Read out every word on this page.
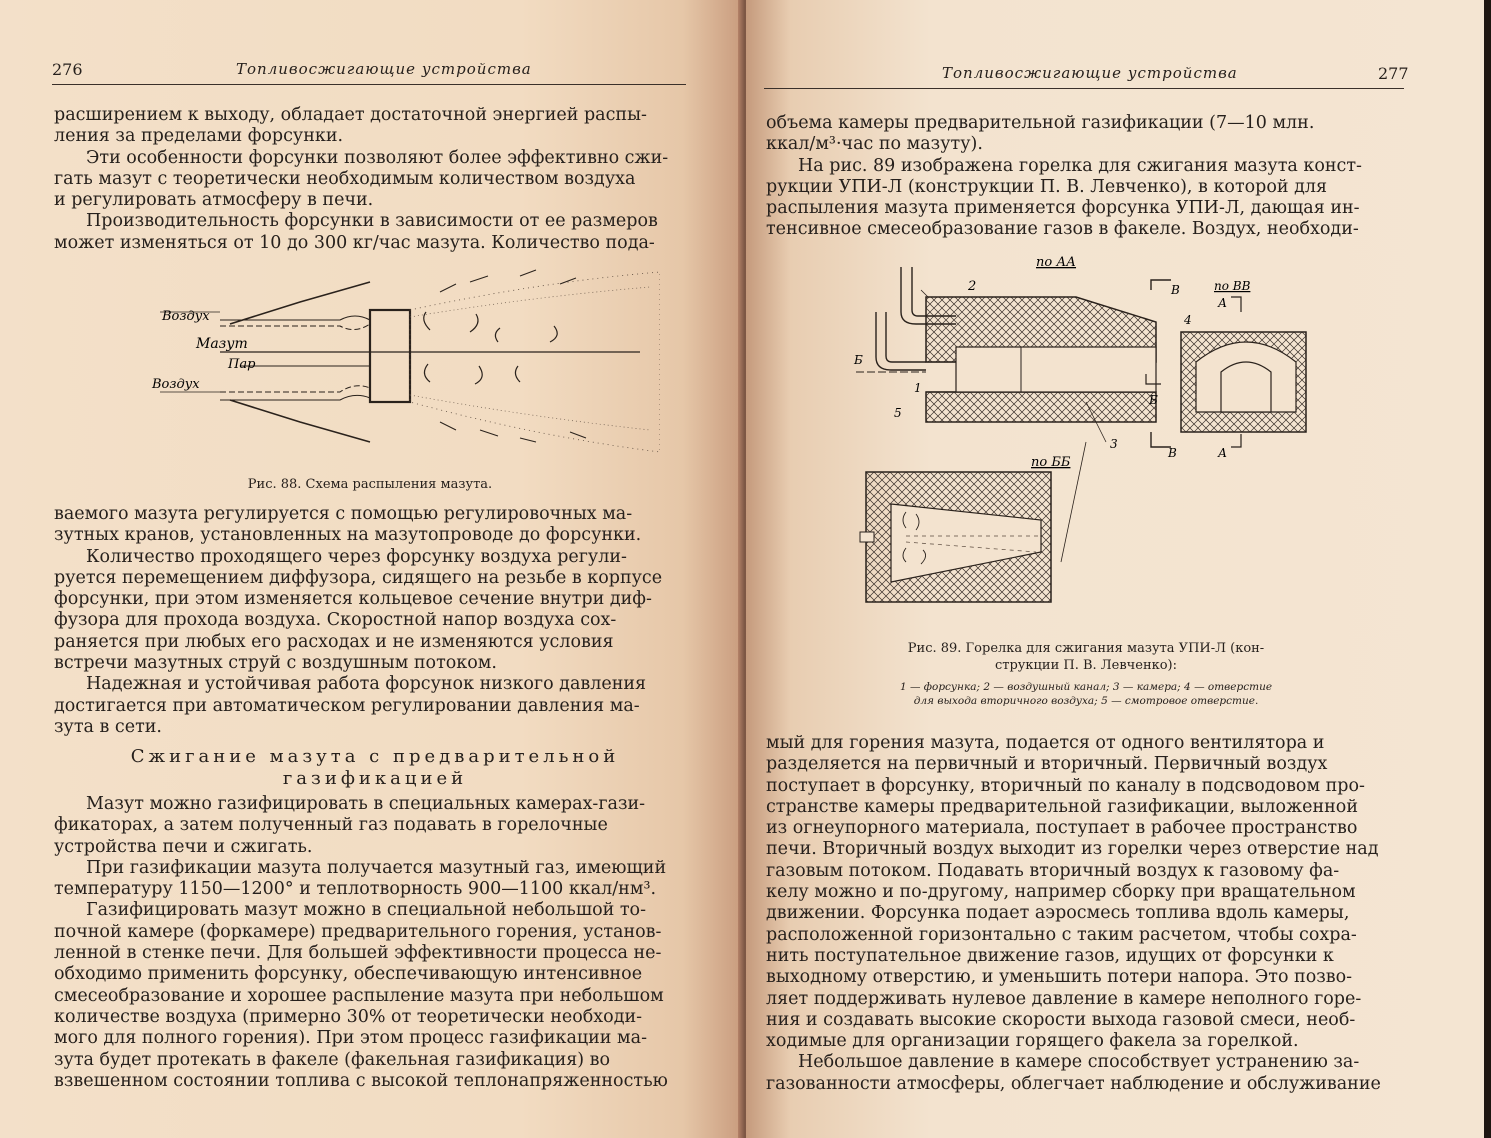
276	Топливосжигающие устройства

расширением к выходу, обладает достаточной энергией распы-

ления за пределами форсунки.

Эти особенности форсунки позволяют более эффективно сжи-

гать мазут с теоретически необходимым количеством воздуха

и регулировать атмосферу в печи.

Производительность форсунки в зависимости от ее размеров

может изменяться от 10 до 300 кг/час мазута. Количество пода-

Воздух
Мазут
Пар
Воздух
Рис. 88. Схема распыления мазута.

ваемого мазута регулируется с помощью регулировочных ма-

зутных кранов, установленных на мазутопроводе до форсунки.

Количество проходящего через форсунку воздуха регули-

руется перемещением диффузора, сидящего на резьбе в корпусе

форсунки, при этом изменяется кольцевое сечение внутри диф-

фузора для прохода воздуха. Скоростной напор воздуха сох-

раняется при любых его расходах и не изменяются условия

встречи мазутных струй с воздушным потоком.

Надежная и устойчивая работа форсунок низкого давления

достигается при автоматическом регулировании давления ма-

зута в сети.

Сжигание мазута с предварительной
газификацией

Мазут можно газифицировать в специальных камерах-гази-

фикаторах, а затем полученный газ подавать в горелочные

устройства печи и сжигать.

При газификации мазута получается мазутный газ, имеющий

температуру 1150—1200° и теплотворность 900—1100 ккал/нм³.

Газифицировать мазут можно в специальной небольшой то-

почной камере (форкамере) предварительного горения, установ-

ленной в стенке печи. Для большей эффективности процесса не-

обходимо применить форсунку, обеспечивающую интенсивное

смесеобразование и хорошее распыление мазута при небольшом

количестве воздуха (примерно 30% от теоретически необходи-

мого для полного горения). При этом процесс газификации ма-

зута будет протекать в факеле (факельная газификация) во

взвешенном состоянии топлива с высокой теплонапряженностью

Топливосжигающие устройства	277

объема камеры предварительной газификации (7—10 млн.

ккал/м³·час по мазуту).

На рис. 89 изображена горелка для сжигания мазута конст-

рукции УПИ-Л (конструкции П. В. Левченко), в которой для

распыления мазута применяется форсунка УПИ-Л, дающая ин-

тенсивное смесеобразование газов в факеле. Воздух, необходи-

по АА
по ВВ
по ББ
2
1
5
3
4
Б
Б
В
В
А
А
Рис. 89. Горелка для сжигания мазута УПИ-Л (кон-
струкции П. В. Левченко):
1 — форсунка; 2 — воздушный канал; 3 — камера; 4 — отверстие
для выхода вторичного воздуха; 5 — смотровое отверстие.

мый для горения мазута, подается от одного вентилятора и

разделяется на первичный и вторичный. Первичный воздух

поступает в форсунку, вторичный по каналу в подсводовом про-

странстве камеры предварительной газификации, выложенной

из огнеупорного материала, поступает в рабочее пространство

печи. Вторичный воздух выходит из горелки через отверстие над

газовым потоком. Подавать вторичный воздух к газовому фа-

келу можно и по-другому, например сборку при вращательном

движении. Форсунка подает аэросмесь топлива вдоль камеры,

расположенной горизонтально с таким расчетом, чтобы сохра-

нить поступательное движение газов, идущих от форсунки к

выходному отверстию, и уменьшить потери напора. Это позво-

ляет поддерживать нулевое давление в камере неполного горе-

ния и создавать высокие скорости выхода газовой смеси, необ-

ходимые для организации горящего факела за горелкой.

Небольшое давление в камере способствует устранению за-

газованности атмосферы, облегчает наблюдение и обслуживание
